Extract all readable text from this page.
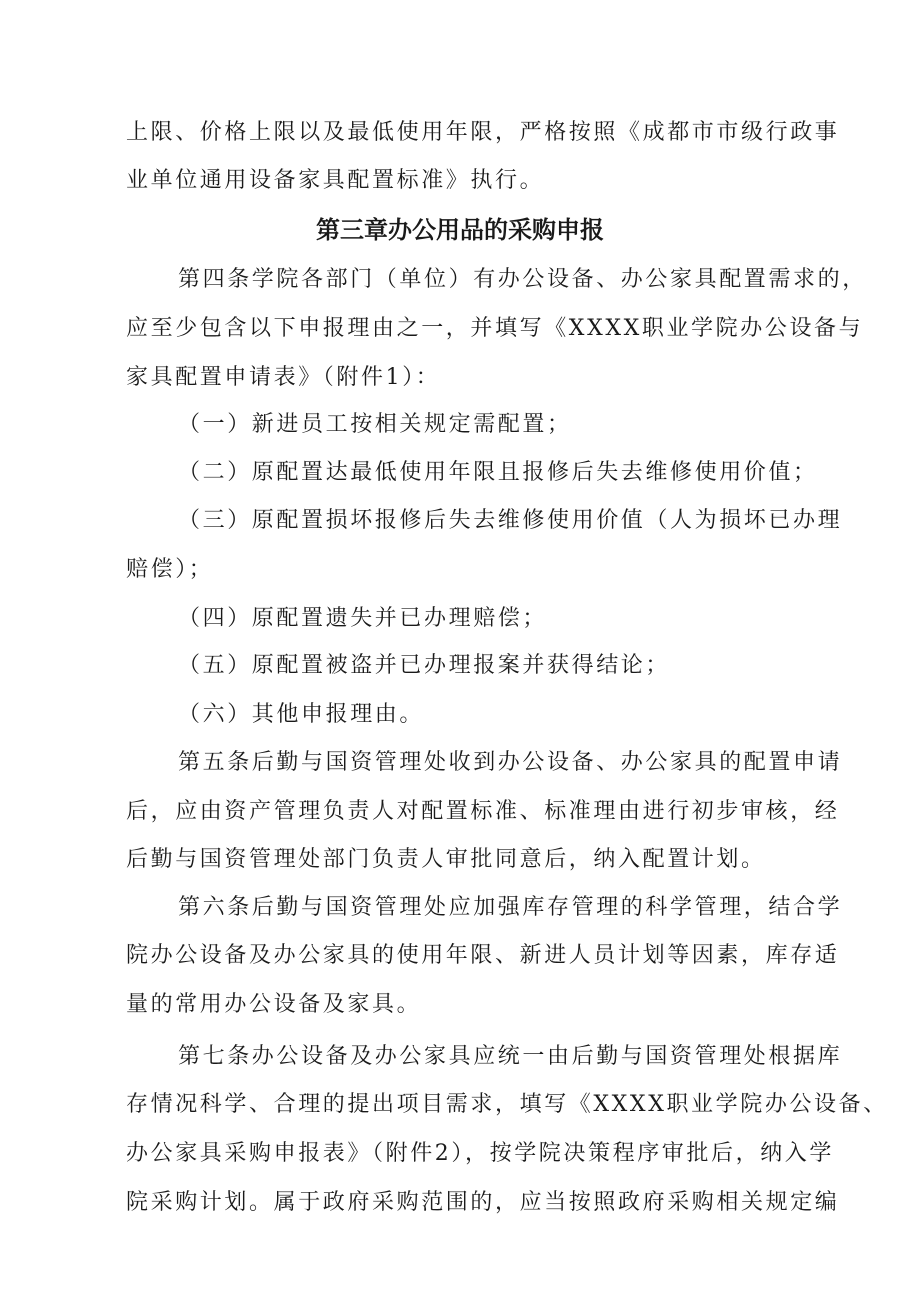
上限、价格上限以及最低使用年限，严格按照《成都市市级行政事
业单位通用设备家具配置标准》执行。
第三章办公用品的采购申报
第四条学院各部门（单位）有办公设备、办公家具配置需求的，
应至少包含以下申报理由之一，并填写《XXXX职业学院办公设备与
家具配置申请表》（附件1）：
（一）新进员工按相关规定需配置；
（二）原配置达最低使用年限且报修后失去维修使用价值；
（三）原配置损坏报修后失去维修使用价值（人为损坏已办理
赔偿）；
（四）原配置遗失并已办理赔偿；
（五）原配置被盗并已办理报案并获得结论；
（六）其他申报理由。
第五条后勤与国资管理处收到办公设备、办公家具的配置申请
后，应由资产管理负责人对配置标准、标准理由进行初步审核，经
后勤与国资管理处部门负责人审批同意后，纳入配置计划。
第六条后勤与国资管理处应加强库存管理的科学管理，结合学
院办公设备及办公家具的使用年限、新进人员计划等因素，库存适
量的常用办公设备及家具。
第七条办公设备及办公家具应统一由后勤与国资管理处根据库
存情况科学、合理的提出项目需求，填写《XXXX职业学院办公设备、
办公家具采购申报表》（附件2），按学院决策程序审批后，纳入学
院采购计划。属于政府采购范围的，应当按照政府采购相关规定编
